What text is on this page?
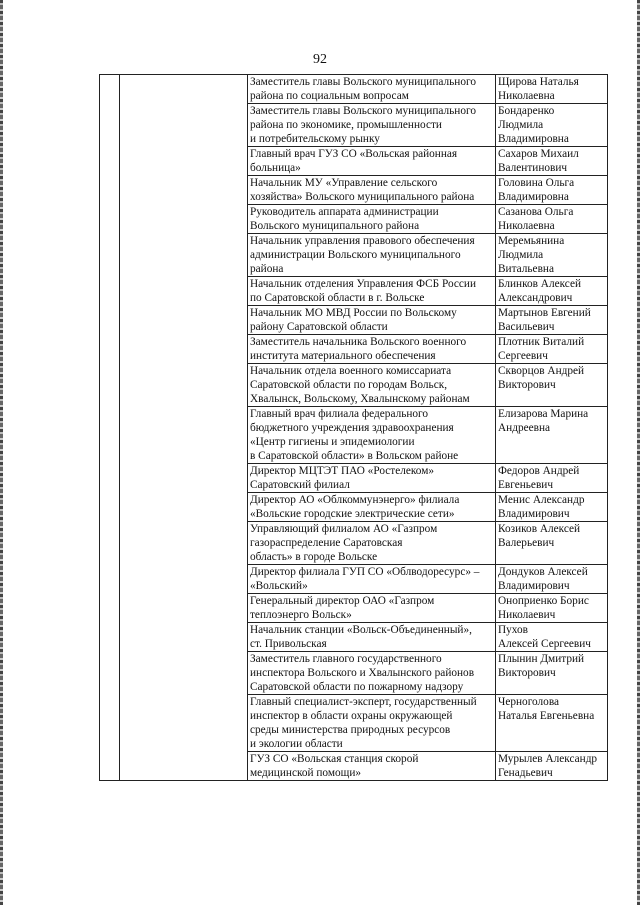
92
		Заместитель главы Вольского муниципального
района по социальным вопросам	Щирова Наталья
Николаевна
		Заместитель главы Вольского муниципального
района по экономике, промышленности
и потребительскому рынку	Бондаренко
Людмила
Владимировна
		Главный врач ГУЗ СО «Вольская районная
больница»	Сахаров Михаил
Валентинович
		Начальник МУ «Управление сельского
хозяйства» Вольского муниципального района	Головина Ольга
Владимировна
		Руководитель аппарата администрации
Вольского муниципального района	Сазанова Ольга
Николаевна
		Начальник управления правового обеспечения
администрации Вольского муниципального
района	Меремьянина
Людмила
Витальевна
		Начальник отделения Управления ФСБ России
по Саратовской области в г. Вольске	Блинков Алексей
Александрович
		Начальник МО МВД России по Вольскому
району Саратовской области	Мартынов Евгений
Васильевич
		Заместитель начальника Вольского военного
института материального обеспечения	Плотник Виталий
Сергеевич
		Начальник отдела военного комиссариата
Саратовской области по городам Вольск,
Хвалынск, Вольскому, Хвалынскому районам	Скворцов Андрей
Викторович
		Главный врач филиала федерального
бюджетного учреждения здравоохранения
«Центр гигиены и эпидемиологии
в Саратовской области» в Вольском районе	Елизарова Марина
Андреевна
		Директор МЦТЭТ ПАО «Ростелеком»
Саратовский филиал	Федоров Андрей
Евгеньевич
		Директор АО «Облкоммунэнерго» филиала
«Вольские городские электрические сети»	Менис Александр
Владимирович
		Управляющий филиалом АО «Газпром
газораспределение Саратовская
область» в городе Вольске	Козиков Алексей
Валерьевич
		Директор филиала ГУП СО «Облводоресурс» –
«Вольский»	Дондуков Алексей
Владимирович
		Генеральный директор ОАО «Газпром
теплоэнерго Вольск»	Оноприенко Борис
Николаевич
		Начальник станции «Вольск-Объединенный»,
ст. Привольская	Пухов
Алексей Сергеевич
		Заместитель главного государственного
инспектора Вольского и Хвалынского районов
Саратовской области по пожарному надзору	Плынин Дмитрий
Викторович
		Главный специалист-эксперт, государственный
инспектор в области охраны окружающей
среды министерства природных ресурсов
и экологии области	Черноголова
Наталья Евгеньевна
		ГУЗ СО «Вольская станция скорой
медицинской помощи»	Мурылев Александр
Генадьевич
